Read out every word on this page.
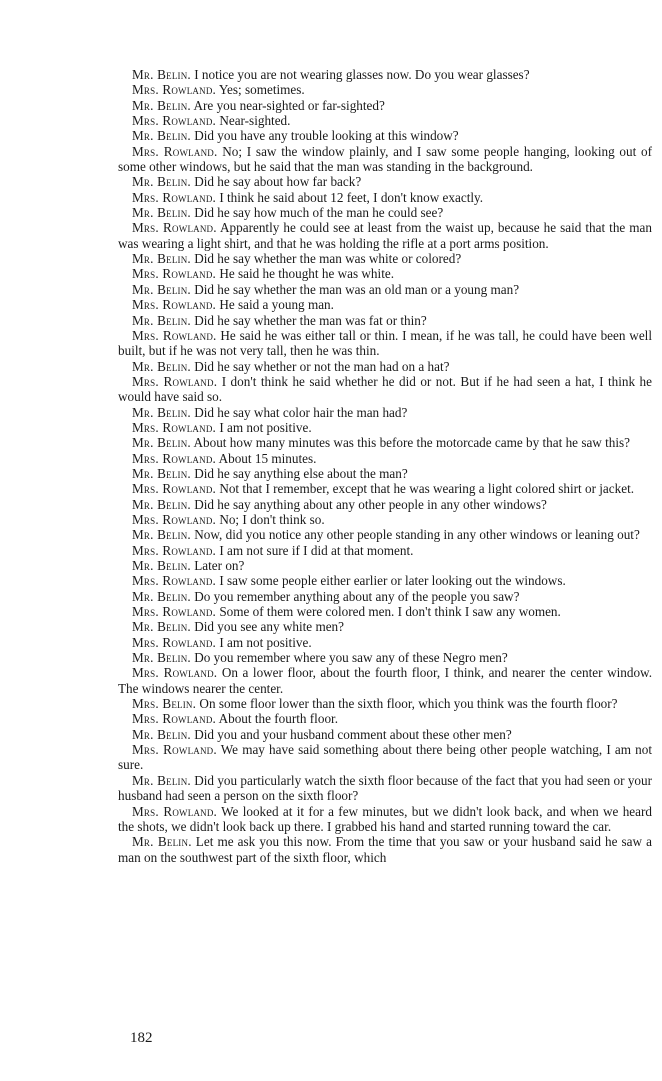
Mr. Belin. I notice you are not wearing glasses now. Do you wear glasses?

Mrs. Rowland. Yes; sometimes.

Mr. Belin. Are you near-sighted or far-sighted?

Mrs. Rowland. Near-sighted.

Mr. Belin. Did you have any trouble looking at this window?

Mrs. Rowland. No; I saw the window plainly, and I saw some people hanging, looking out of some other windows, but he said that the man was standing in the background.

Mr. Belin. Did he say about how far back?

Mrs. Rowland. I think he said about 12 feet, I don't know exactly.

Mr. Belin. Did he say how much of the man he could see?

Mrs. Rowland. Apparently he could see at least from the waist up, because he said that the man was wearing a light shirt, and that he was holding the rifle at a port arms position.

Mr. Belin. Did he say whether the man was white or colored?

Mrs. Rowland. He said he thought he was white.

Mr. Belin. Did he say whether the man was an old man or a young man?

Mrs. Rowland. He said a young man.

Mr. Belin. Did he say whether the man was fat or thin?

Mrs. Rowland. He said he was either tall or thin. I mean, if he was tall, he could have been well built, but if he was not very tall, then he was thin.

Mr. Belin. Did he say whether or not the man had on a hat?

Mrs. Rowland. I don't think he said whether he did or not. But if he had seen a hat, I think he would have said so.

Mr. Belin. Did he say what color hair the man had?

Mrs. Rowland. I am not positive.

Mr. Belin. About how many minutes was this before the motorcade came by that he saw this?

Mrs. Rowland. About 15 minutes.

Mr. Belin. Did he say anything else about the man?

Mrs. Rowland. Not that I remember, except that he was wearing a light colored shirt or jacket.

Mr. Belin. Did he say anything about any other people in any other windows?

Mrs. Rowland. No; I don't think so.

Mr. Belin. Now, did you notice any other people standing in any other windows or leaning out?

Mrs. Rowland. I am not sure if I did at that moment.

Mr. Belin. Later on?

Mrs. Rowland. I saw some people either earlier or later looking out the windows.

Mr. Belin. Do you remember anything about any of the people you saw?

Mrs. Rowland. Some of them were colored men. I don't think I saw any women.

Mr. Belin. Did you see any white men?

Mrs. Rowland. I am not positive.

Mr. Belin. Do you remember where you saw any of these Negro men?

Mrs. Rowland. On a lower floor, about the fourth floor, I think, and nearer the center window. The windows nearer the center.

Mrs. Belin. On some floor lower than the sixth floor, which you think was the fourth floor?

Mrs. Rowland. About the fourth floor.

Mr. Belin. Did you and your husband comment about these other men?

Mrs. Rowland. We may have said something about there being other people watching, I am not sure.

Mr. Belin. Did you particularly watch the sixth floor because of the fact that you had seen or your husband had seen a person on the sixth floor?

Mrs. Rowland. We looked at it for a few minutes, but we didn't look back, and when we heard the shots, we didn't look back up there. I grabbed his hand and started running toward the car.

Mr. Belin. Let me ask you this now. From the time that you saw or your husband said he saw a man on the southwest part of the sixth floor, which

182
